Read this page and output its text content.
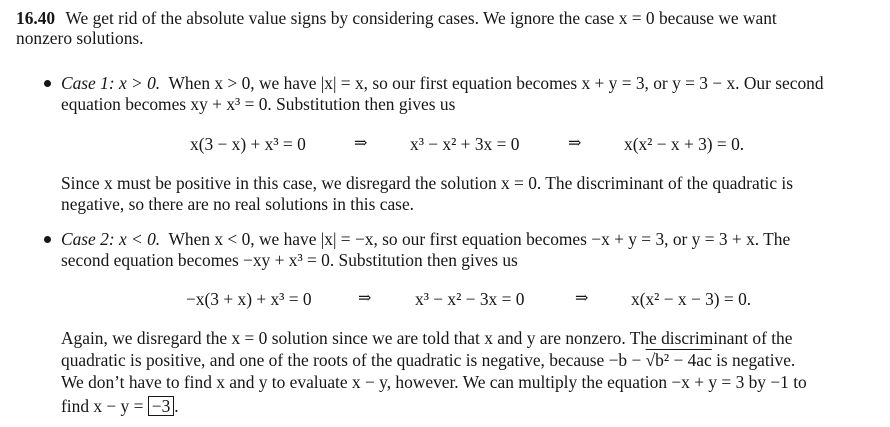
16.40 We get rid of the absolute value signs by considering cases. We ignore the case x = 0 because we want
nonzero solutions.
Case 1: x > 0. When x > 0, we have |x| = x, so our first equation becomes x + y = 3, or y = 3 − x. Our second
equation becomes xy + x³ = 0. Substitution then gives us
x(3 − x) + x³ = 0	⇒ x³ − x² + 3x = 0	⇒ x(x² − x + 3) = 0.
Since x must be positive in this case, we disregard the solution x = 0. The discriminant of the quadratic is
negative, so there are no real solutions in this case.
Case 2: x < 0. When x < 0, we have |x| = −x, so our first equation becomes −x + y = 3, or y = 3 + x. The
second equation becomes −xy + x³ = 0. Substitution then gives us
−x(3 + x) + x³ = 0	⇒	x³ − x² − 3x = 0	⇒ x(x² − x − 3) = 0.
Again, we disregard the x = 0 solution since we are told that x and y are nonzero. The discriminant of the
quadratic is positive, and one of the roots of the quadratic is negative, because −b − √b² − 4ac is negative.
We don’t have to find x and y to evaluate x − y, however. We can multiply the equation −x + y = 3 by −1 to
find x − y = −3 .
